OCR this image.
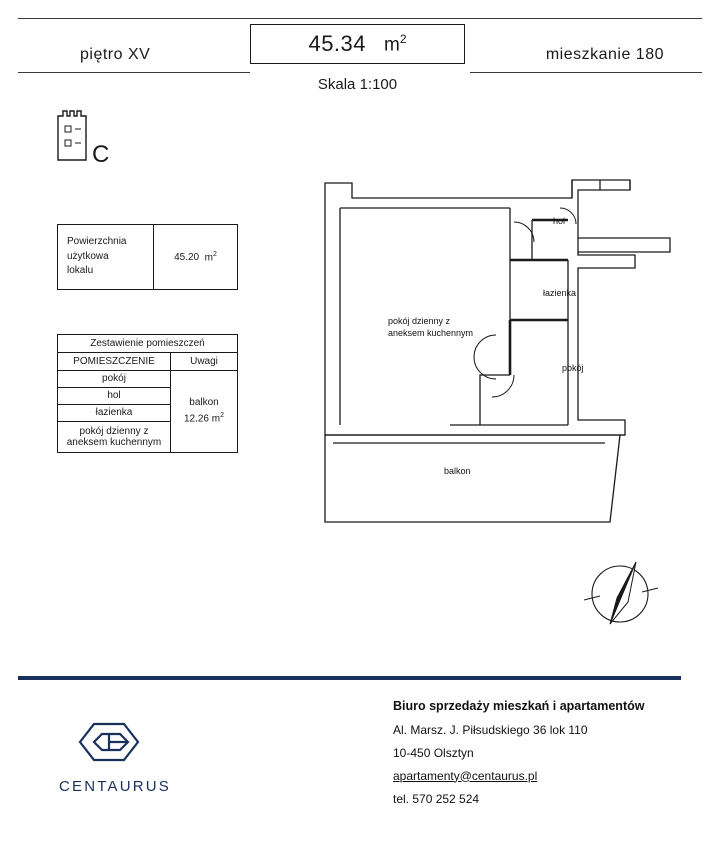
piętro XV	mieszkanie 180
45.34 $m^2$
Skala 1:100
C
Powierzchnia
użytkowa
lokalu
45.20
$m^2$
Zestawienie pomieszczeń
POMIESZCZENIE	Uwagi
pokój
hol
łazienka
pokój dzienny z
aneksem kuchennym
balkon
12.26 $m^2$
hol
łazienka
pokój dzienny z
aneksem kuchennym
pokój
balkon
CENTAURUS
Biuro sprzedaży mieszkań i apartamentów
Al. Marsz. J. Piłsudskiego 36 lok 110
10-450 Olsztyn
apartamenty@centaurus.pl
tel. 570 252 524
